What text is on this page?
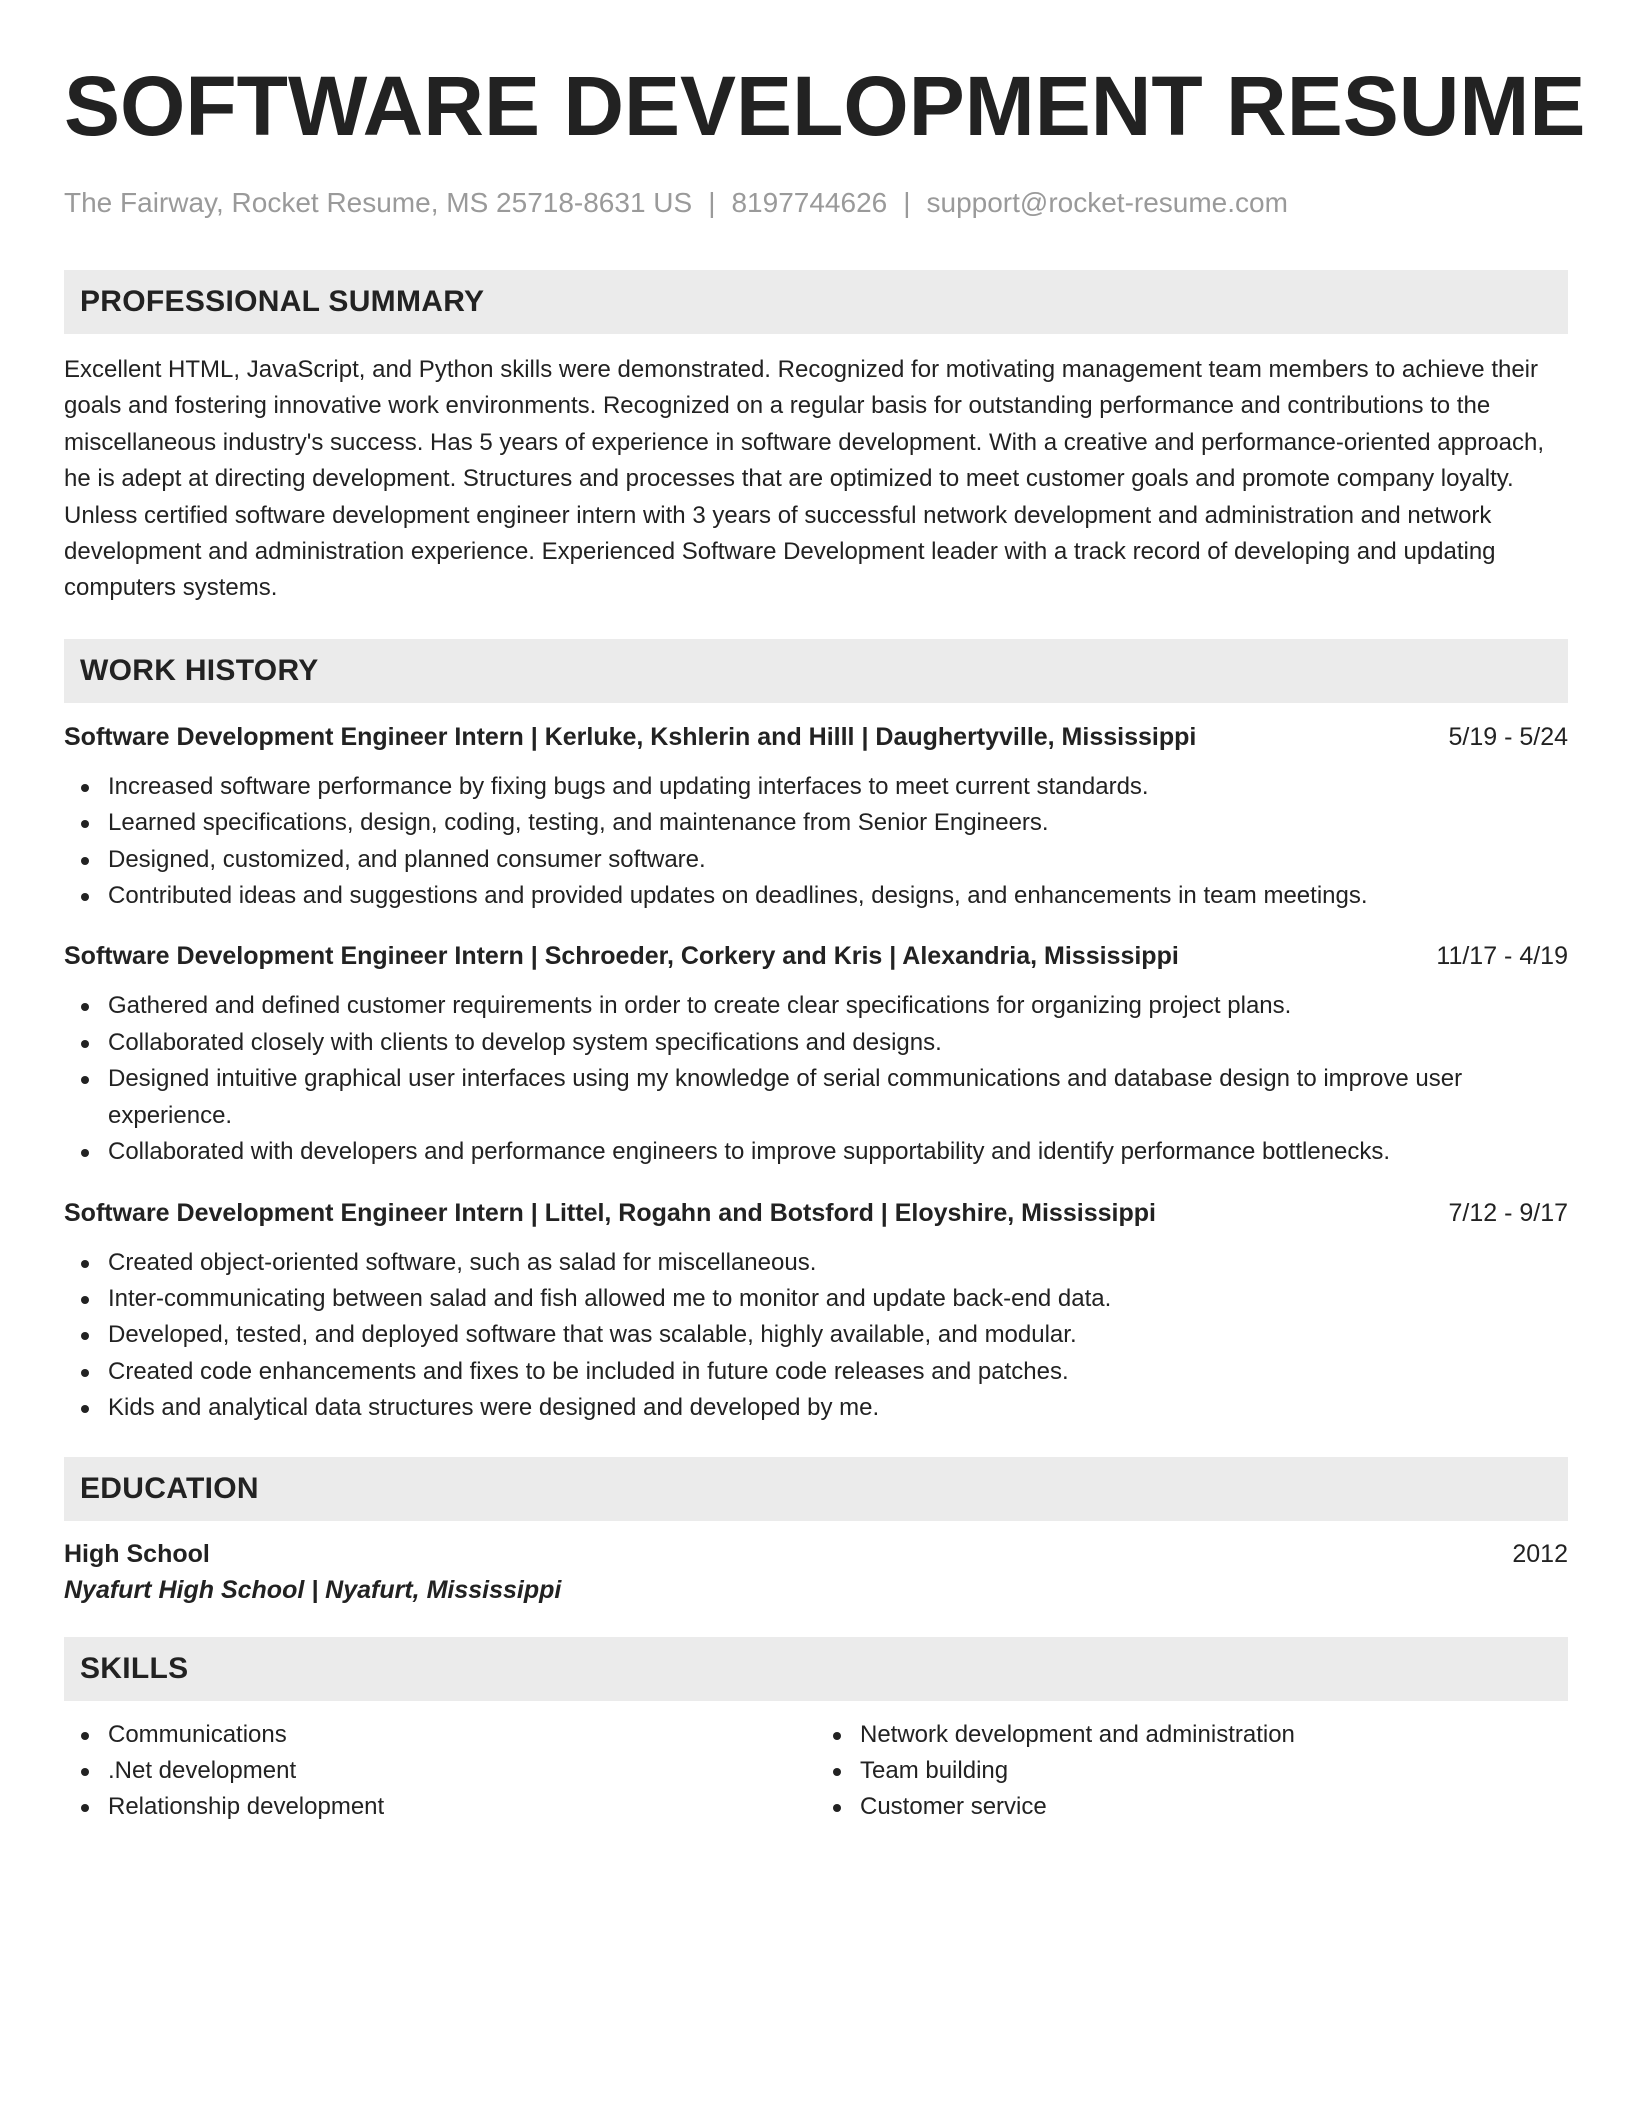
SOFTWARE DEVELOPMENT RESUME
The Fairway, Rocket Resume, MS 25718-8631 US | 8197744626 | support@rocket-resume.com
PROFESSIONAL SUMMARY

Excellent HTML, JavaScript, and Python skills were demonstrated. Recognized for motivating management team members to achieve their goals and fostering innovative work environments. Recognized on a regular basis for outstanding performance and contributions to the miscellaneous industry's success. Has 5 years of experience in software development. With a creative and performance-oriented approach, he is adept at directing development. Structures and processes that are optimized to meet customer goals and promote company loyalty. Unless certified software development engineer intern with 3 years of successful network development and administration and network development and administration experience. Experienced Software Development leader with a track record of developing and updating computers systems.

WORK HISTORY
Software Development Engineer Intern | Kerluke, Kshlerin and Hilll | Daughertyville, Mississippi	5/19 - 5/24
Increased software performance by fixing bugs and updating interfaces to meet current standards.
Learned specifications, design, coding, testing, and maintenance from Senior Engineers.
Designed, customized, and planned consumer software.
Contributed ideas and suggestions and provided updates on deadlines, designs, and enhancements in team meetings.
Software Development Engineer Intern | Schroeder, Corkery and Kris | Alexandria, Mississippi	11/17 - 4/19
Gathered and defined customer requirements in order to create clear specifications for organizing project plans.
Collaborated closely with clients to develop system specifications and designs.
Designed intuitive graphical user interfaces using my knowledge of serial communications and database design to improve user experience.
Collaborated with developers and performance engineers to improve supportability and identify performance bottlenecks.
Software Development Engineer Intern | Littel, Rogahn and Botsford | Eloyshire, Mississippi	7/12 - 9/17
Created object-oriented software, such as salad for miscellaneous.
Inter-communicating between salad and fish allowed me to monitor and update back-end data.
Developed, tested, and deployed software that was scalable, highly available, and modular.
Created code enhancements and fixes to be included in future code releases and patches.
Kids and analytical data structures were designed and developed by me.
EDUCATION
High School	2012
Nyafurt High School | Nyafurt, Mississippi
SKILLS
Communications
.Net development
Relationship development
Network development and administration
Team building
Customer service
